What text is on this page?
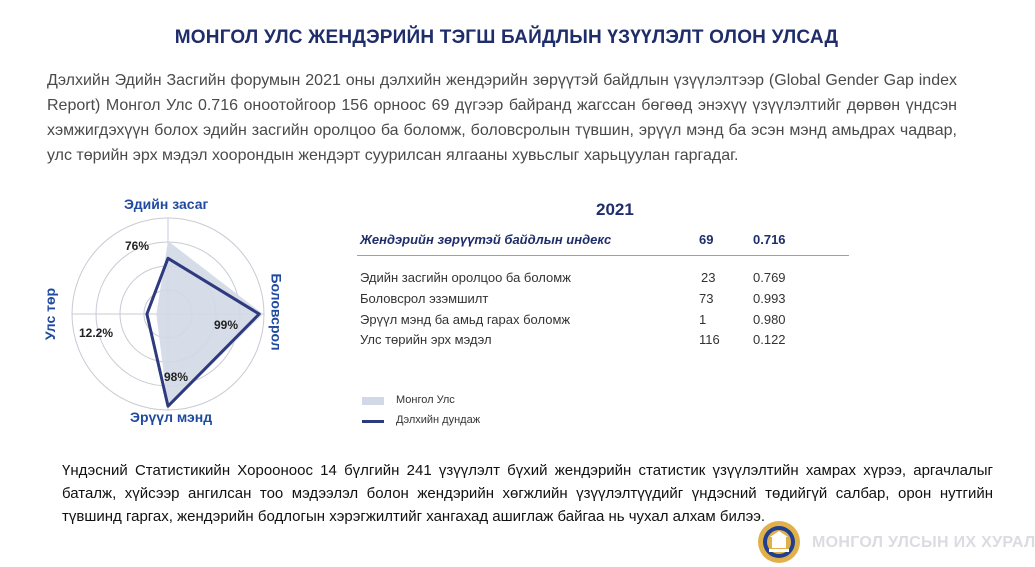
МОНГОЛ УЛС ЖЕНДЭРИЙН ТЭГШ БАЙДЛЫН ҮЗҮҮЛЭЛТ ОЛОН УЛСАД
Дэлхийн Эдийн Засгийн форумын 2021 оны дэлхийн жендэрийн зөрүүтэй байдлын үзүүлэлтээр (Global Gender Gap index Report) Монгол Улс 0.716 оноотойгоор 156 орноос 69 дүгээр байранд жагссан бөгөөд энэхүү үзүүлэлтийг дөрвөн үндсэн хэмжигдэхүүн болох эдийн засгийн оролцоо ба боломж, боловсролын түвшин, эрүүл мэнд ба эсэн мэнд амьдрах чадвар, улс төрийн эрх мэдэл хоорондын жендэрт суурилсан ялгааны хувьслыг харьцуулан гаргадаг.
Эдийн засаг
Боловсрол
Эрүүл мэнд
Улс төр
76%
99%
98%
12.2%
2021
Жендэрийн зөрүүтэй байдлын индекс	69	0.716
Эдийн засгийн оролцоо ба боломж	23	0.769
Боловсрол эзэмшилт	73	0.993
Эрүүл мэнд ба амьд гарах боломж	1	0.980
Улс төрийн эрх мэдэл	116	0.122
Монгол Улс
Дэлхийн дундаж
Үндэсний Статистикийн Хорооноос 14 бүлгийн 241 үзүүлэлт бүхий жендэрийн статистик үзүүлэлтийн хамрах хүрээ, аргачлалыг баталж, хүйсээр ангилсан тоо мэдээлэл болон жендэрийн хөгжлийн үзүүлэлтүүдийг үндэсний төдийгүй салбар, орон нутгийн түвшинд гаргах, жендэрийн бодлогын хэрэгжилтийг хангахад ашиглаж байгаа нь чухал алхам билээ.
МОНГОЛ УЛСЫН ИХ ХУРАЛ
